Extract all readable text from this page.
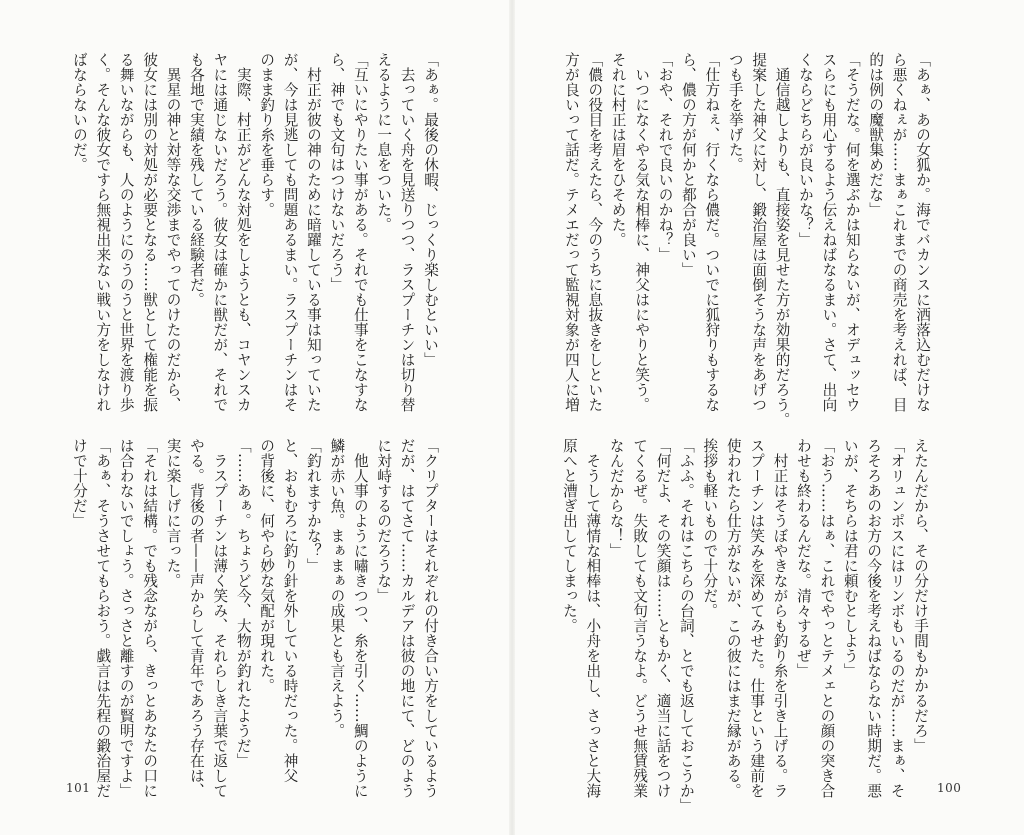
「あぁ、あの女狐か。海でバカンスに洒落込むだけな

ら悪くねぇが……まぁこれまでの商売を考えれば、目

的は例の魔獣集めだな」

「そうだな。何を選ぶかは知らないが、オデュッセウ

スらにも用心するよう伝えねばなるまい。さて、出向

くならどちらが良いかな？」

　通信越しよりも、直接姿を見せた方が効果的だろう。

提案した神父に対し、鍛治屋は面倒そうな声をあげつ

つも手を挙げた。

「仕方ねぇ、行くなら儂だ。ついでに狐狩りもするな

ら、儂の方が何かと都合が良い」

「おや、それで良いのかね？」

　いつになくやる気な相棒に、神父はにやりと笑う。

それに村正は眉をひそめた。

「儂の役目を考えたら、今のうちに息抜きをしといた

方が良いって話だ。テメエだって監視対象が四人に増

えたんだから、その分だけ手間もかかるだろ」

「オリュンポスにはリンボもいるのだが……まぁ、そ

ろそろあのお方の今後を考えねばならない時期だ。悪

いが、そちらは君に頼むとしよう」

「おう……はぁ、これでやっとテメェとの顔の突き合

わせも終わるんだな。清々するぜ」

　村正はそうぼやきながらも釣り糸を引き上げる。ラ

スプーチンは笑みを深めてみせた。仕事という建前を

使われたら仕方がないが、この彼にはまだ縁がある。

挨拶も軽いもので十分だ。

「ふふ。それはこちらの台詞、とでも返しておこうか」

「何だよ、その笑顔は……ともかく、適当に話をつけ

てくるぜ。失敗しても文句言うなよ。どうせ無賃残業

なんだからな！」

　そうして薄情な相棒は、小舟を出し、さっさと大海

原へと漕ぎ出してしまった。

100

「あぁ。最後の休暇、じっくり楽しむといい」

　去っていく舟を見送りつつ、ラスプーチンは切り替

えるように一息をついた。

「互いにやりたい事がある。それでも仕事をこなすな

ら、神でも文句はつけないだろう」

　村正が彼の神のために暗躍している事は知っていた

が、今は見逃しても問題あるまい。ラスプーチンはそ

のまま釣り糸を垂らす。

　実際、村正がどんな対処をしようとも、コヤンスカ

ヤには通じないだろう。彼女は確かに獣だが、それで

も各地で実績を残している経験者だ。

　異星の神と対等な交渉までやってのけたのだから、

彼女には別の対処が必要となる……獣として権能を振

る舞いながらも、人のようにのうのうと世界を渡り歩

く。そんな彼女ですら無視出来ない戦い方をしなけれ

ばならないのだ。

「クリプターはそれぞれの付き合い方をしているよう

だが、はてさて……カルデアは彼の地にて、どのよう

に対峙するのだろうな」

　他人事のように嘯きつつ、糸を引く……鯛のように

鱗が赤い魚。まぁまぁの成果とも言えよう。

「釣れますかな？」

と、おもむろに釣り針を外している時だった。神父

の背後に、何やら妙な気配が現れた。

「……あぁ。ちょうど今、大物が釣れたようだ」

　ラスプーチンは薄く笑み、それらしき言葉で返して

やる。背後の者——声からして青年であろう存在は、

実に楽しげに言った。

「それは結構。でも残念ながら、きっとあなたの口に

は合わないでしょう。さっさと離すのが賢明ですよ」

「あぁ、そうさせてもらおう。戯言は先程の鍛治屋だ

けで十分だ」

101
